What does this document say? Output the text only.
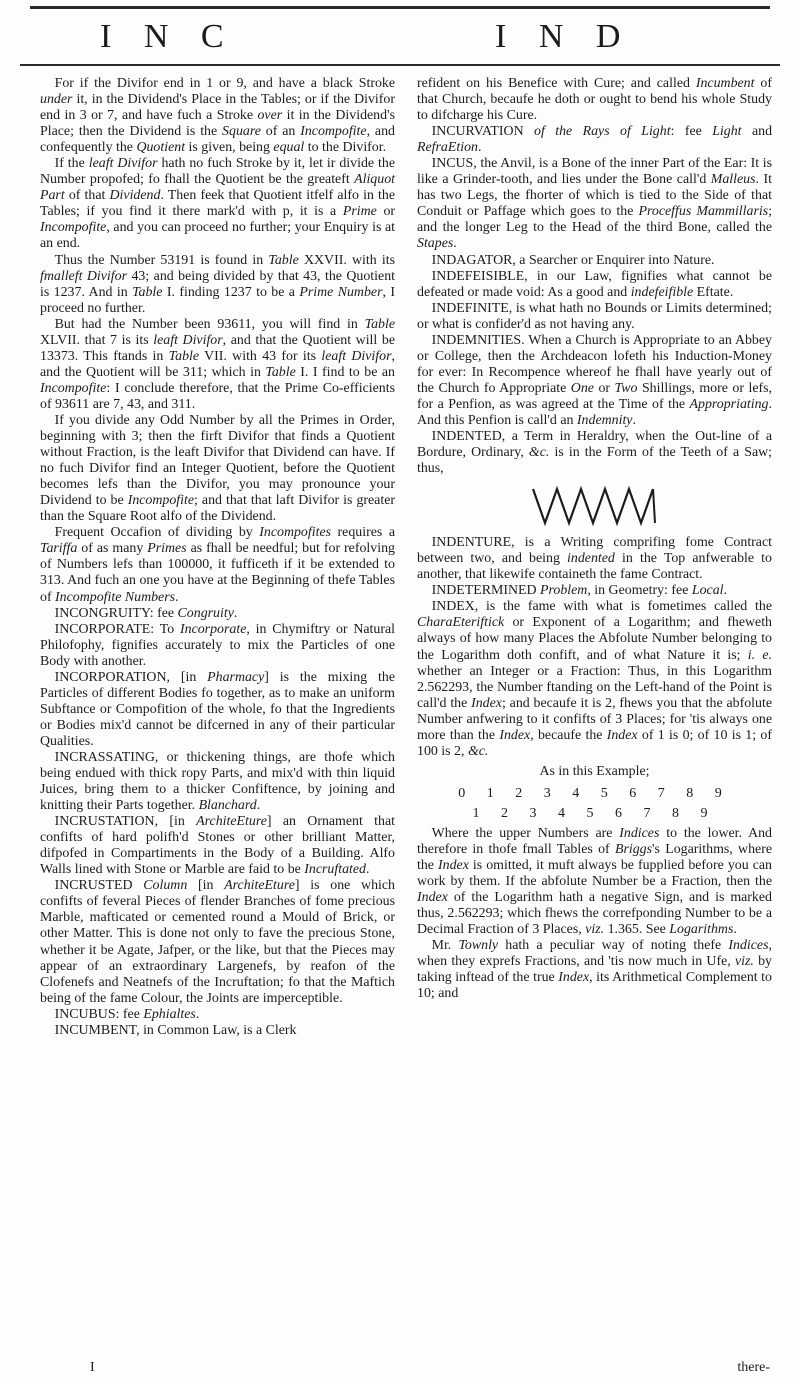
I N C	I N D

For if the Divifor end in 1 or 9, and have a black Stroke under it, in the Dividend's Place in the Tables; or if the Divifor end in 3 or 7, and have fuch a Stroke over it in the Dividend's Place; then the Dividend is the Square of an Incompofite, and confequently the Quotient is given, being equal to the Divifor.

If the leaft Divifor hath no fuch Stroke by it, let ir divide the Number propofed; fo fhall the Quotient be the greateft Aliquot Part of that Dividend. Then feek that Quotient itfelf alfo in the Tables; if you find it there mark'd with p, it is a Prime or Incompofite, and you can proceed no further; your Enquiry is at an end.

Thus the Number 53191 is found in Table XXVII. with its fmalleft Divifor 43; and being divided by that 43, the Quotient is 1237. And in Table I. finding 1237 to be a Prime Number, I proceed no further.

But had the Number been 93611, you will find in Table XLVII. that 7 is its leaft Divifor, and that the Quotient will be 13373. This ftands in Table VII. with 43 for its leaft Divifor, and the Quotient will be 311; which in Table I. I find to be an Incompofite: I conclude therefore, that the Prime Co-efficients of 93611 are 7, 43, and 311.

If you divide any Odd Number by all the Primes in Order, beginning with 3; then the firft Divifor that finds a Quotient without Fraction, is the leaft Divifor that Dividend can have. If no fuch Divifor find an Integer Quotient, before the Quotient becomes lefs than the Divifor, you may pronounce your Dividend to be Incompofite; and that that laft Divifor is greater than the Square Root alfo of the Dividend.

Frequent Occafion of dividing by Incompofites requires a Tariffa of as many Primes as fhall be needful; but for refolving of Numbers lefs than 100000, it fufficeth if it be extended to 313. And fuch an one you have at the Beginning of thefe Tables of Incompofite Numbers.

INCONGRUITY: fee Congruity.

INCORPORATE: To Incorporate, in Chymiftry or Natural Philofophy, fignifies accurately to mix the Particles of one Body with another.

INCORPORATION, [in Pharmacy] is the mixing the Particles of different Bodies fo together, as to make an uniform Subftance or Compofition of the whole, fo that the Ingredients or Bodies mix'd cannot be difcerned in any of their particular Qualities.

INCRASSATING, or thickening things, are thofe which being endued with thick ropy Parts, and mix'd with thin liquid Juices, bring them to a thicker Confiftence, by joining and knitting their Parts together. Blanchard.

INCRUSTATION, [in ArchiteEture] an Ornament that confifts of hard polifh'd Stones or other brilliant Matter, difpofed in Compartiments in the Body of a Building. Alfo Walls lined with Stone or Marble are faid to be Incruftated.

INCRUSTED Column [in ArchiteEture] is one which confifts of feveral Pieces of flender Branches of fome precious Marble, mafticated or cemented round a Mould of Brick, or other Matter. This is done not only to fave the precious Stone, whether it be Agate, Jafper, or the like, but that the Pieces may appear of an extraordinary Largenefs, by reafon of the Clofenefs and Neatnefs of the Incruftation; fo that the Maftich being of the fame Colour, the Joints are imperceptible.

INCUBUS: fee Ephialtes.

INCUMBENT, in Common Law, is a Clerk

refident on his Benefice with Cure; and called Incumbent of that Church, becaufe he doth or ought to bend his whole Study to difcharge his Cure.

INCURVATION of the Rays of Light: fee Light and RefraEtion.

INCUS, the Anvil, is a Bone of the inner Part of the Ear: It is like a Grinder-tooth, and lies under the Bone call'd Malleus. It has two Legs, the fhorter of which is tied to the Side of that Conduit or Paffage which goes to the Proceffus Mammillaris; and the longer Leg to the Head of the third Bone, called the Stapes.

INDAGATOR, a Searcher or Enquirer into Nature.

INDEFEISIBLE, in our Law, fignifies what cannot be defeated or made void: As a good and indefeifible Eftate.

INDEFINITE, is what hath no Bounds or Limits determined; or what is confider'd as not having any.

INDEMNITIES. When a Church is Appropriate to an Abbey or College, then the Archdeacon lofeth his Induction-Money for ever: In Recompence whereof he fhall have yearly out of the Church fo Appropriate One or Two Shillings, more or lefs, for a Penfion, as was agreed at the Time of the Appropriating. And this Penfion is call'd an Indemnity.

INDENTED, a Term in Heraldry, when the Out-line of a Bordure, Ordinary, &c. is in the Form of the Teeth of a Saw; thus,

INDENTURE, is a Writing comprifing fome Contract between two, and being indented in the Top anfwerable to another, that likewife containeth the fame Contract.

INDETERMINED Problem, in Geometry: fee Local.

INDEX, is the fame with what is fometimes called the CharaEteriftick or Exponent of a Logarithm; and fheweth always of how many Places the Abfolute Number belonging to the Logarithm doth confift, and of what Nature it is; i. e. whether an Integer or a Fraction: Thus, in this Logarithm 2.562293, the Number ftanding on the Left-hand of the Point is call'd the Index; and becaufe it is 2, fhews you that the abfolute Number anfwering to it confifts of 3 Places; for 'tis always one more than the Index, becaufe the Index of 1 is 0; of 10 is 1; of 100 is 2, &c.

As in this Example;

0 1 2 3 4 5 6 7 8 9
1 2 3 4 5 6 7 8 9

Where the upper Numbers are Indices to the lower. And therefore in thofe fmall Tables of Briggs's Logarithms, where the Index is omitted, it muft always be fupplied before you can work by them. If the abfolute Number be a Fraction, then the Index of the Logarithm hath a negative Sign, and is marked thus, 2.562293; which fhews the correfponding Number to be a Decimal Fraction of 3 Places, viz. 1.365. See Logarithms.

Mr. Townly hath a peculiar way of noting thefe Indices, when they exprefs Fractions, and 'tis now much in Ufe, viz. by taking inftead of the true Index, its Arithmetical Complement to 10; and

I	there-
